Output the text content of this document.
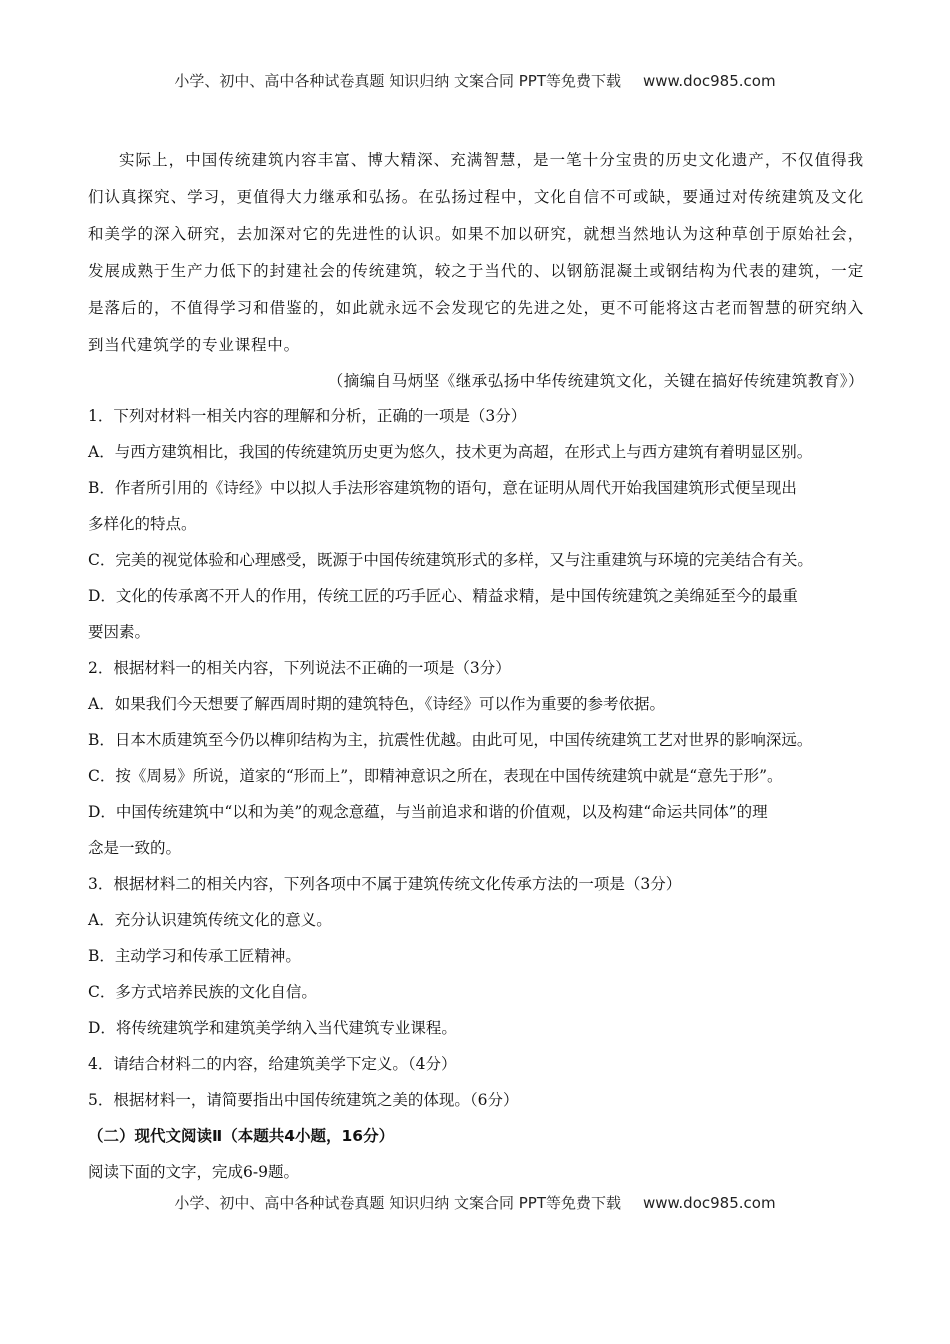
小学、初中、高中各种试卷真题 知识归纳 文案合同 PPT等免费下载 www.doc985.com

实际上，中国传统建筑内容丰富、博大精深、充满智慧，是一笔十分宝贵的历史文化遗产，不仅值得我们认真探究、学习，更值得大力继承和弘扬。在弘扬过程中，文化自信不可或缺，要通过对传统建筑及文化和美学的深入研究，去加深对它的先进性的认识。如果不加以研究，就想当然地认为这种草创于原始社会，发展成熟于生产力低下的封建社会的传统建筑，较之于当代的、以钢筋混凝土或钢结构为代表的建筑，一定是落后的，不值得学习和借鉴的，如此就永远不会发现它的先进之处，更不可能将这古老而智慧的研究纳入到当代建筑学的专业课程中。

（摘编自马炳坚《继承弘扬中华传统建筑文化，关键在搞好传统建筑教育》）

1．下列对材料一相关内容的理解和分析，正确的一项是（3分）

A．与西方建筑相比，我国的传统建筑历史更为悠久，技术更为高超，在形式上与西方建筑有着明显区别。

B．作者所引用的《诗经》中以拟人手法形容建筑物的语句，意在证明从周代开始我国建筑形式便呈现出

多样化的特点。

C．完美的视觉体验和心理感受，既源于中国传统建筑形式的多样，又与注重建筑与环境的完美结合有关。

D．文化的传承离不开人的作用，传统工匠的巧手匠心、精益求精，是中国传统建筑之美绵延至今的最重

要因素。

2．根据材料一的相关内容，下列说法不正确的一项是（3分）

A．如果我们今天想要了解西周时期的建筑特色，《诗经》可以作为重要的参考依据。

B．日本木质建筑至今仍以榫卯结构为主，抗震性优越。由此可见，中国传统建筑工艺对世界的影响深远。

C．按《周易》所说，道家的“形而上”，即精神意识之所在，表现在中国传统建筑中就是“意先于形”。

D．中国传统建筑中“以和为美”的观念意蕴，与当前追求和谐的价值观，以及构建“命运共同体”的理

念是一致的。

3．根据材料二的相关内容，下列各项中不属于建筑传统文化传承方法的一项是（3分）

A．充分认识建筑传统文化的意义。

B．主动学习和传承工匠精神。

C．多方式培养民族的文化自信。

D．将传统建筑学和建筑美学纳入当代建筑专业课程。

4．请结合材料二的内容，给建筑美学下定义。（4分）

5．根据材料一，请简要指出中国传统建筑之美的体现。（6分）

（二）现代文阅读Ⅱ（本题共4小题，16分）

阅读下面的文字，完成6-9题。

小学、初中、高中各种试卷真题 知识归纳 文案合同 PPT等免费下载 www.doc985.com
